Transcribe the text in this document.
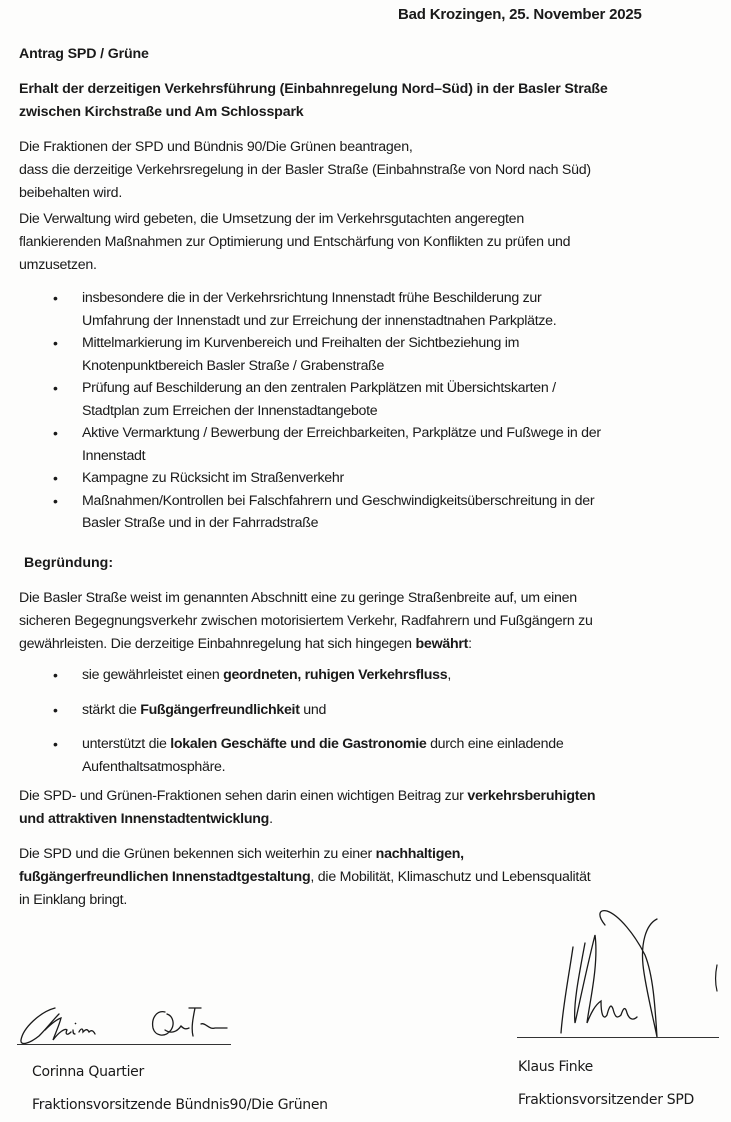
Bad Krozingen, 25. November 2025
Antrag SPD / Grüne
Erhalt der derzeitigen Verkehrsführung (Einbahnregelung Nord–Süd) in der Basler Straße
zwischen Kirchstraße und Am Schlosspark
Die Fraktionen der SPD und Bündnis 90/Die Grünen beantragen,
dass die derzeitige Verkehrsregelung in der Basler Straße (Einbahnstraße von Nord nach Süd)
beibehalten wird.
Die Verwaltung wird gebeten, die Umsetzung der im Verkehrsgutachten angeregten
flankierenden Maßnahmen zur Optimierung und Entschärfung von Konflikten zu prüfen und
umzusetzen.
• insbesondere die in der Verkehrsrichtung Innenstadt frühe Beschilderung zur
Umfahrung der Innenstadt und zur Erreichung der innenstadtnahen Parkplätze.
• Mittelmarkierung im Kurvenbereich und Freihalten der Sichtbeziehung im
Knotenpunktbereich Basler Straße / Grabenstraße
• Prüfung auf Beschilderung an den zentralen Parkplätzen mit Übersichtskarten /
Stadtplan zum Erreichen der Innenstadtangebote
• Aktive Vermarktung / Bewerbung der Erreichbarkeiten, Parkplätze und Fußwege in der
Innenstadt
• Kampagne zu Rücksicht im Straßenverkehr
• Maßnahmen/Kontrollen bei Falschfahrern und Geschwindigkeitsüberschreitung in der
Basler Straße und in der Fahrradstraße
Begründung:
Die Basler Straße weist im genannten Abschnitt eine zu geringe Straßenbreite auf, um einen
sicheren Begegnungsverkehr zwischen motorisiertem Verkehr, Radfahrern und Fußgängern zu
gewährleisten. Die derzeitige Einbahnregelung hat sich hingegen bewährt:
• sie gewährleistet einen geordneten, ruhigen Verkehrsfluss,
• stärkt die Fußgängerfreundlichkeit und
• unterstützt die lokalen Geschäfte und die Gastronomie durch eine einladende
Aufenthaltsatmosphäre.
Die SPD- und Grünen-Fraktionen sehen darin einen wichtigen Beitrag zur verkehrsberuhigten
und attraktiven Innenstadtentwicklung.
Die SPD und die Grünen bekennen sich weiterhin zu einer nachhaltigen,
fußgängerfreundlichen Innenstadtgestaltung, die Mobilität, Klimaschutz und Lebensqualität
in Einklang bringt.
Corinna Quartier
Fraktionsvorsitzende Bündnis90/Die Grünen
Klaus Finke
Fraktionsvorsitzender SPD
